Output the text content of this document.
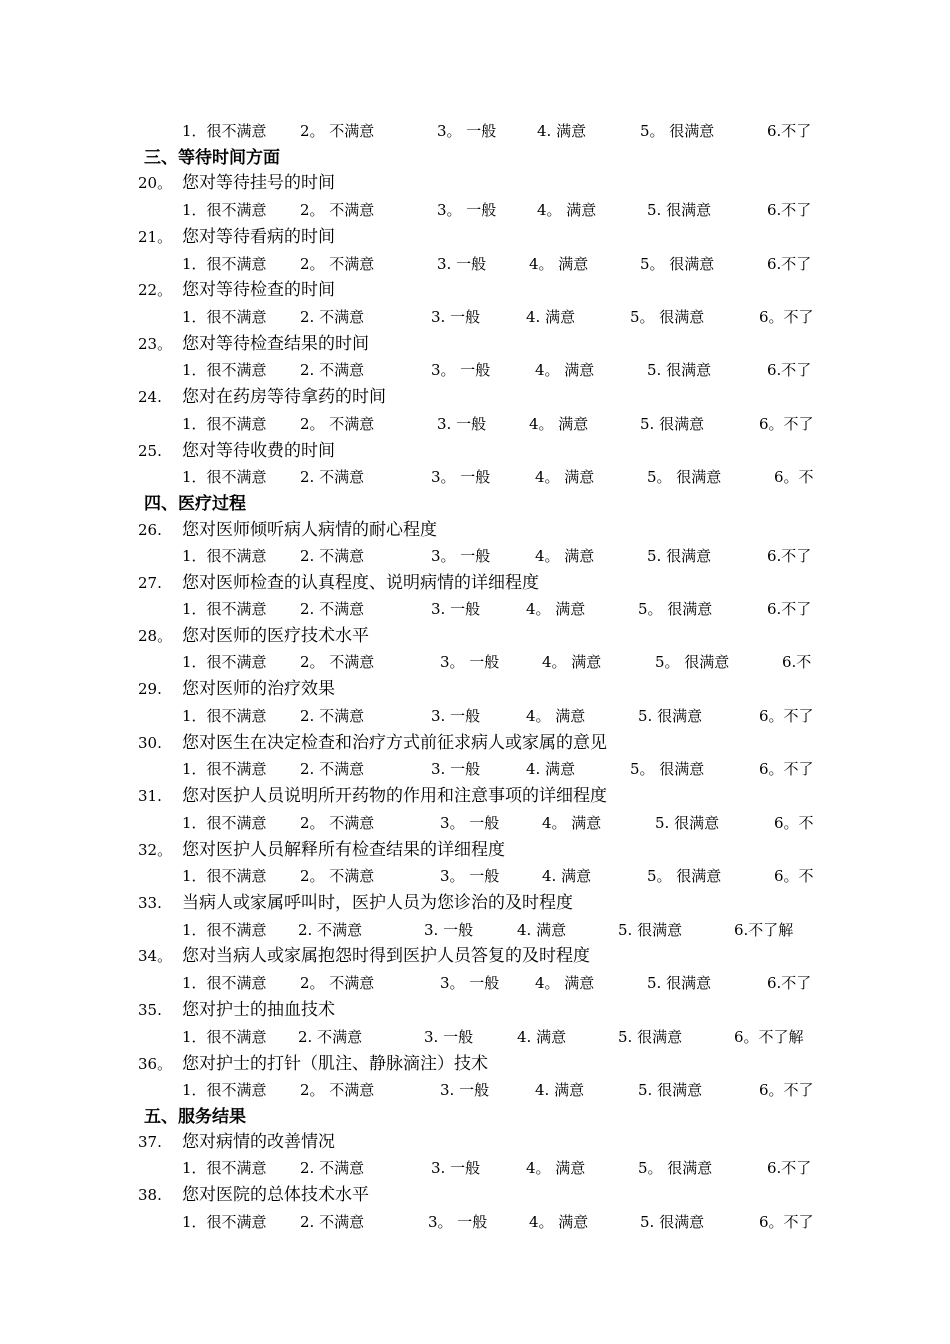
1．很不满意 2。 不满意	3。 一般	4. 满意	5。 很满意	6.不了
三、等待时间方面
20。 您对等待挂号的时间
1．很不满意 2。 不满意	3。 一般	4。 满意	5. 很满意	6.不了
21。 您对等待看病的时间
1．很不满意 2。 不满意	3. 一般	4。 满意	5。 很满意	6.不了
22。 您对等待检查的时间
1．很不满意 2. 不满意	3. 一般	4. 满意	5。 很满意	6。不了
23。 您对等待检查结果的时间
1．很不满意 2. 不满意	3。 一般	4。 满意	5. 很满意	6.不了
24. 您对在药房等待拿药的时间
1．很不满意 2。 不满意	3. 一般	4。 满意	5. 很满意	6。不了
25. 您对等待收费的时间
1．很不满意 2. 不满意	3。 一般	4。 满意	5。 很满意	6。不
四、医疗过程
26. 您对医师倾听病人病情的耐心程度
1．很不满意 2. 不满意	3。 一般	4。 满意	5. 很满意	6.不了
27. 您对医师检查的认真程度、说明病情的详细程度
1．很不满意 2. 不满意	3. 一般	4。 满意	5。 很满意	6.不了
28。 您对医师的医疗技术水平
1．很不满意 2。 不满意	3。 一般	4。 满意	5。 很满意	6.不
29. 您对医师的治疗效果
1．很不满意 2. 不满意	3. 一般	4。 满意	5. 很满意	6。不了
30. 您对医生在决定检查和治疗方式前征求病人或家属的意见
1．很不满意 2. 不满意	3. 一般	4. 满意	5。 很满意	6。不了
31. 您对医护人员说明所开药物的作用和注意事项的详细程度
1．很不满意 2。 不满意	3。 一般	4。 满意	5. 很满意	6。不
32。 您对医护人员解释所有检查结果的详细程度
1．很不满意 2。 不满意	3。 一般	4. 满意	5。 很满意	6。不
33. 当病人或家属呼叫时，医护人员为您诊治的及时程度
1．很不满意 2. 不满意	3. 一般	4. 满意	5. 很满意	6.不了解
34。 您对当病人或家属抱怨时得到医护人员答复的及时程度
1．很不满意 2。 不满意	3。 一般 4。 满意	5. 很满意	6.不了
35. 您对护士的抽血技术
1．很不满意 2. 不满意	3. 一般	4. 满意	5. 很满意	6。不了解
36。 您对护士的打针（肌注、静脉滴注）技术
1．很不满意 2。 不满意	3. 一般	4. 满意	5. 很满意	6。不了
五、服务结果
37. 您对病情的改善情况
1．很不满意 2. 不满意	3. 一般	4。 满意	5。 很满意	6.不了
38. 您对医院的总体技术水平
1．很不满意 2. 不满意	3。 一般	4。 满意	5. 很满意	6。不了
